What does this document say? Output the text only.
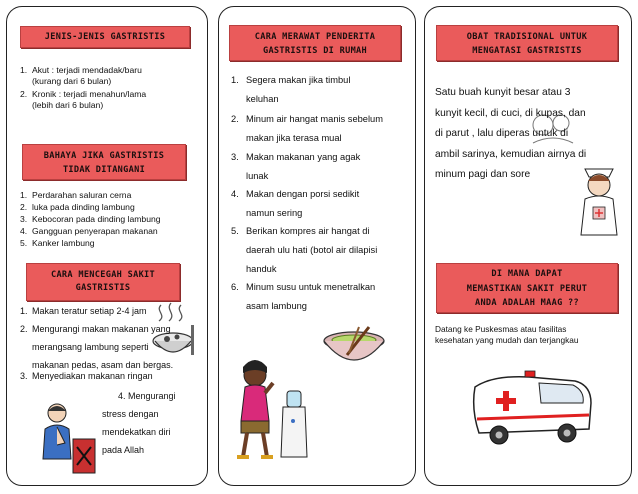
JENIS-JENIS GASTRISTIS
1. Akut : terjadi mendadak/baru
(kurang dari 6 bulan)
2. Kronik : terjadi menahun/lama
(lebih dari 6 bulan)
BAHAYA JIKA GASTRISTIS
TIDAK DITANGANI
1. Perdarahan saluran cerna
2. luka pada dinding lambung
3. Kebocoran pada dinding lambung
4. Gangguan penyerapan makanan
5. Kanker lambung
CARA MENCEGAH SAKIT
GASTRISTIS
1. Makan teratur setiap 2-4 jam
2. Mengurangi makan makanan yang
merangsang lambung seperti
makanan pedas, asam dan bergas.
3. Menyediakan makanan ringan
4. Mengurangi
stress dengan
mendekatkan diri
pada Allah
CARA MERAWAT PENDERITA
GASTRISTIS DI RUMAH
1. Segera makan jika timbul
keluhan
2. Minum air hangat manis sebelum
makan jika terasa mual
3. Makan makanan yang agak
lunak
4. Makan dengan porsi sedikit
namun sering
5. Berikan kompres air hangat di
daerah ulu hati (botol air dilapisi
handuk
6. Minum susu untuk menetralkan
asam lambung
OBAT TRADISIONAL UNTUK
MENGATASI GASTRISTIS
Satu buah kunyit besar atau 3
kunyit kecil, di cuci, di kupas, dan
di parut , lalu diperas untuk di
ambil sarinya, kemudian airnya di
minum pagi dan sore
DI MANA DAPAT
MEMASTIKAN SAKIT PERUT
ANDA ADALAH MAAG ??
Datang ke Puskesmas atau fasilitas
kesehatan yang mudah dan terjangkau
